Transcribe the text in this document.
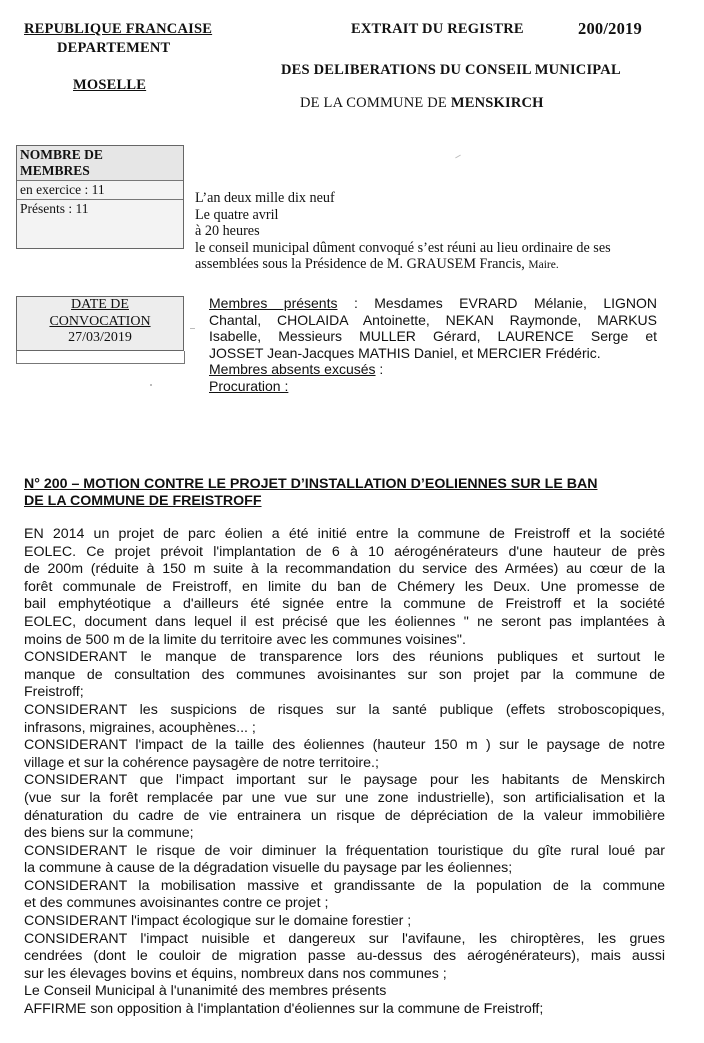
REPUBLIQUE FRANCAISE
DEPARTEMENT
MOSELLE
EXTRAIT DU REGISTRE	200/2019
DES DELIBERATIONS DU CONSEIL MUNICIPAL
DE LA COMMUNE DE MENSKIRCH
NOMBRE DE
MEMBRES
en exercice : 11
Présents : 11
L’an deux mille dix neuf
Le quatre avril
à 20 heures
le conseil municipal dûment convoqué s’est réuni au lieu ordinaire de ses
assemblées sous la Présidence de M. GRAUSEM Francis, Maire.
DATE DE
CONVOCATION
27/03/2019
Membres présents : Mesdames EVRARD Mélanie, LIGNON
Chantal, CHOLAIDA Antoinette, NEKAN Raymonde, MARKUS
Isabelle, Messieurs MULLER Gérard, LAURENCE Serge et
JOSSET Jean-Jacques MATHIS Daniel, et MERCIER Frédéric.
Membres absents excusés :
Procuration :
N° 200 – MOTION CONTRE LE PROJET D’INSTALLATION D’EOLIENNES SUR LE BAN
DE LA COMMUNE DE FREISTROFF
EN 2014 un projet de parc éolien a été initié entre la commune de Freistroff et la société
EOLEC. Ce projet prévoit l'implantation de 6 à 10 aérogénérateurs d'une hauteur de près
de 200m (réduite à 150 m suite à la recommandation du service des Armées) au cœur de la
forêt communale de Freistroff, en limite du ban de Chémery les Deux. Une promesse de
bail emphytéotique a d'ailleurs été signée entre la commune de Freistroff et la société
EOLEC, document dans lequel il est précisé que les éoliennes " ne seront pas implantées à
moins de 500 m de la limite du territoire avec les communes voisines".
CONSIDERANT le manque de transparence lors des réunions publiques et surtout le
manque de consultation des communes avoisinantes sur son projet par la commune de
Freistroff;
CONSIDERANT les suspicions de risques sur la santé publique (effets stroboscopiques,
infrasons, migraines, acouphènes... ;
CONSIDERANT l'impact de la taille des éoliennes (hauteur 150 m ) sur le paysage de notre
village et sur la cohérence paysagère de notre territoire.;
CONSIDERANT que l'impact important sur le paysage pour les habitants de Menskirch
(vue sur la forêt remplacée par une vue sur une zone industrielle), son artificialisation et la
dénaturation du cadre de vie entrainera un risque de dépréciation de la valeur immobilière
des biens sur la commune;
CONSIDERANT le risque de voir diminuer la fréquentation touristique du gîte rural loué par
la commune à cause de la dégradation visuelle du paysage par les éoliennes;
CONSIDERANT la mobilisation massive et grandissante de la population de la commune
et des communes avoisinantes contre ce projet ;
CONSIDERANT l'impact écologique sur le domaine forestier ;
CONSIDERANT l'impact nuisible et dangereux sur l'avifaune, les chiroptères, les grues
cendrées (dont le couloir de migration passe au-dessus des aérogénérateurs), mais aussi
sur les élevages bovins et équins, nombreux dans nos communes ;
Le Conseil Municipal à l'unanimité des membres présents
AFFIRME son opposition à l'implantation d'éoliennes sur la commune de Freistroff;
